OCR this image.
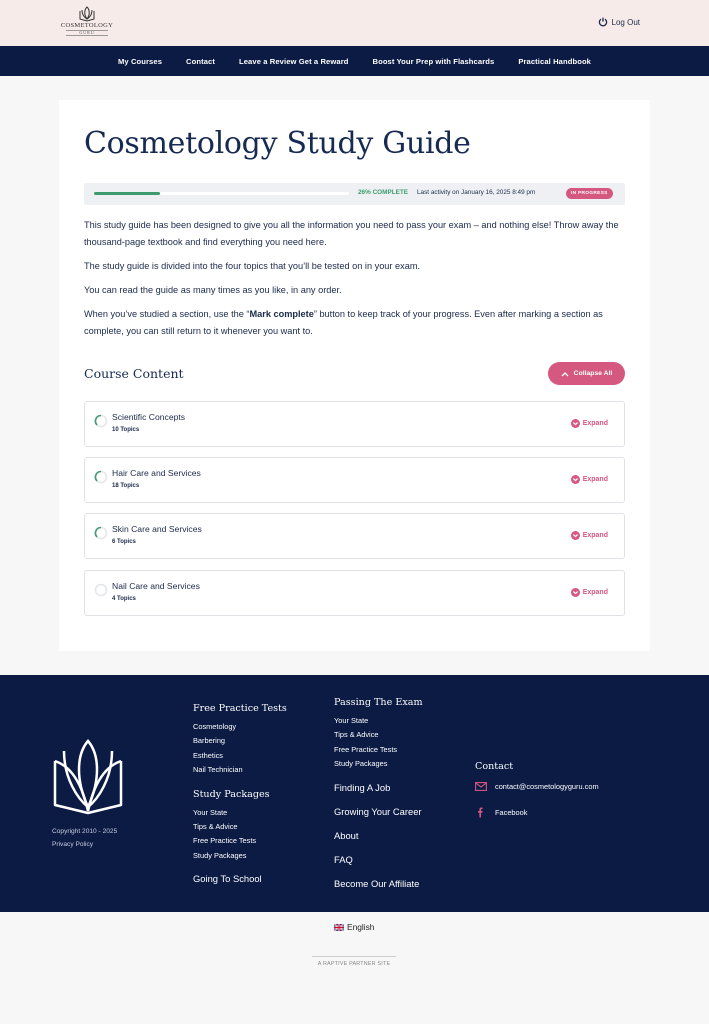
COSMETOLOGY
GURU
Log Out
My Courses	Contact	Leave a Review Get a Reward	Boost Your Prep with Flashcards	Practical Handbook
Cosmetology Study Guide
26% COMPLETE Last activity on January 16, 2025 8:49 pm	IN PROGRESS

This study guide has been designed to give you all the information you need to pass your exam – and nothing else! Throw away the thousand-page textbook and find everything you need here.

The study guide is divided into the four topics that you’ll be tested on in your exam.

You can read the guide as many times as you like, in any order.

When you’ve studied a section, use the “Mark complete” button to keep track of your progress. Even after marking a section as complete, you can still return to it whenever you want to.

Course Content	Collapse All
Scientific Concepts
10 Topics
Expand
Hair Care and Services
18 Topics
Expand
Skin Care and Services
6 Topics
Expand
Nail Care and Services
4 Topics
Expand
Copyright 2010 - 2025
Privacy Policy
Free Practice Tests
Cosmetology
Barbering
Esthetics
Nail Technician
Study Packages
Your State
Tips & Advice
Free Practice Tests
Study Packages
Going To School
Passing The Exam
Your State
Tips & Advice
Free Practice Tests
Study Packages
Finding A Job
Growing Your Career
About
FAQ
Become Our Affiliate
Contact
contact@cosmetologyguru.com
Facebook
English
A RAPTIVE PARTNER SITE
